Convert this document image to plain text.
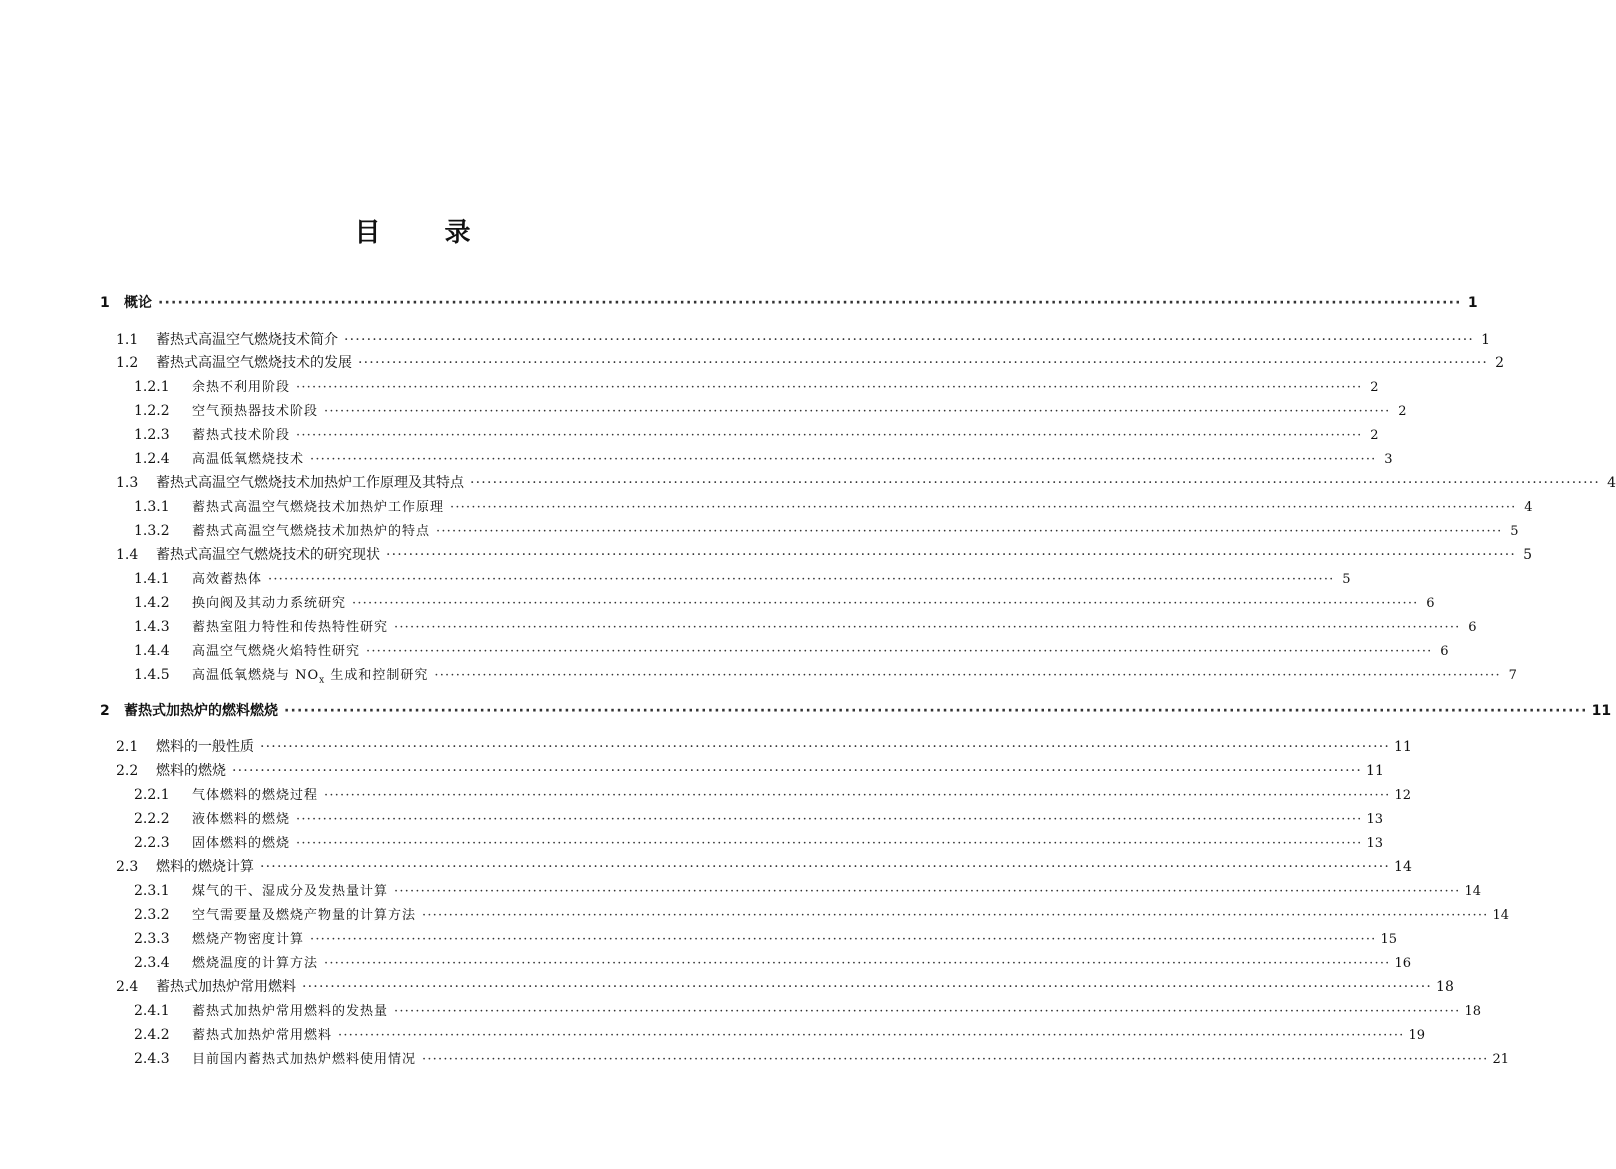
目 录
1	概论 ········································································································································································································ 1
1.1	蓄热式高温空气燃烧技术简介 ········································································································································································································ 1
1.2	蓄热式高温空气燃烧技术的发展 ········································································································································································································ 2
1.2.1	余热不利用阶段 ········································································································································································································ 2
1.2.2	空气预热器技术阶段 ········································································································································································································ 2
1.2.3	蓄热式技术阶段 ········································································································································································································ 2
1.2.4	高温低氧燃烧技术 ········································································································································································································ 3
1.3	蓄热式高温空气燃烧技术加热炉工作原理及其特点 ········································································································································································································ 4
1.3.1	蓄热式高温空气燃烧技术加热炉工作原理 ········································································································································································································ 4
1.3.2	蓄热式高温空气燃烧技术加热炉的特点 ········································································································································································································ 5
1.4	蓄热式高温空气燃烧技术的研究现状 ········································································································································································································ 5
1.4.1	高效蓄热体 ········································································································································································································ 5
1.4.2	换向阀及其动力系统研究 ········································································································································································································ 6
1.4.3	蓄热室阻力特性和传热特性研究 ········································································································································································································ 6
1.4.4	高温空气燃烧火焰特性研究 ········································································································································································································ 6
1.4.5	高温低氧燃烧与 $NO_x$ 生成和控制研究 ········································································································································································································ 7
2	蓄热式加热炉的燃料燃烧 ········································································································································································································ 11
2.1	燃料的一般性质 ········································································································································································································ 11
2.2	燃料的燃烧 ········································································································································································································ 11
2.2.1	气体燃料的燃烧过程 ········································································································································································································ 12
2.2.2	液体燃料的燃烧 ········································································································································································································ 13
2.2.3	固体燃料的燃烧 ········································································································································································································ 13
2.3	燃料的燃烧计算 ········································································································································································································ 14
2.3.1	煤气的干、湿成分及发热量计算 ········································································································································································································ 14
2.3.2	空气需要量及燃烧产物量的计算方法 ········································································································································································································ 14
2.3.3	燃烧产物密度计算 ········································································································································································································ 15
2.3.4	燃烧温度的计算方法 ········································································································································································································ 16
2.4	蓄热式加热炉常用燃料 ········································································································································································································ 18
2.4.1	蓄热式加热炉常用燃料的发热量 ········································································································································································································ 18
2.4.2	蓄热式加热炉常用燃料 ········································································································································································································ 19
2.4.3	目前国内蓄热式加热炉燃料使用情况 ········································································································································································································ 21
